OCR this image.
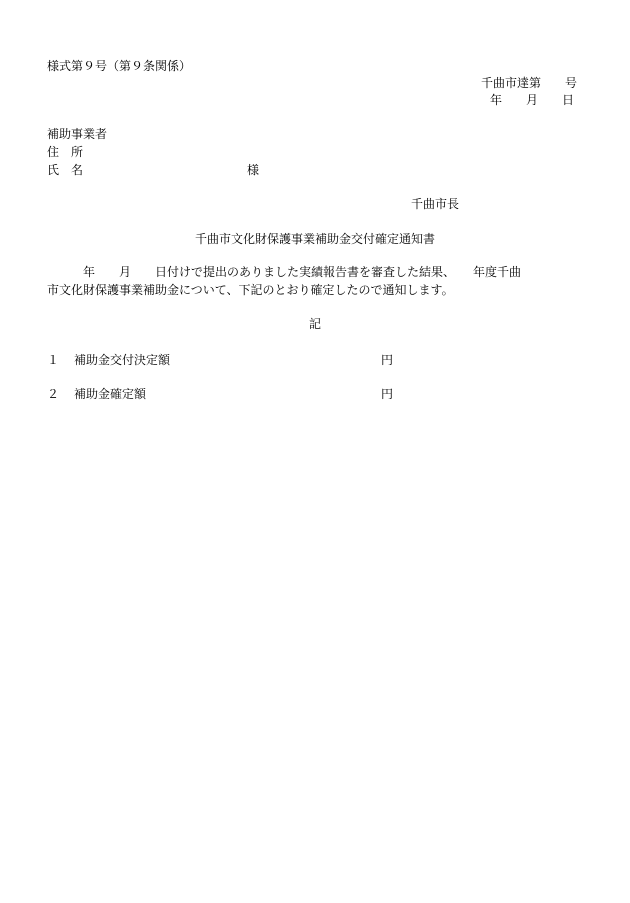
様式第９号（第９条関係）
千曲市達第　　号
年　　月　　日
補助事業者
住　所
氏　名	様
千曲市長
千曲市文化財保護事業補助金交付確定通知書
　　　年　　月　　日付けで提出のありました実績報告書を審査した結果、　　年度千曲
市文化財保護事業補助金について、下記のとおり確定したので通知します。
記
１ 補助金交付決定額	円
２ 補助金確定額	円
